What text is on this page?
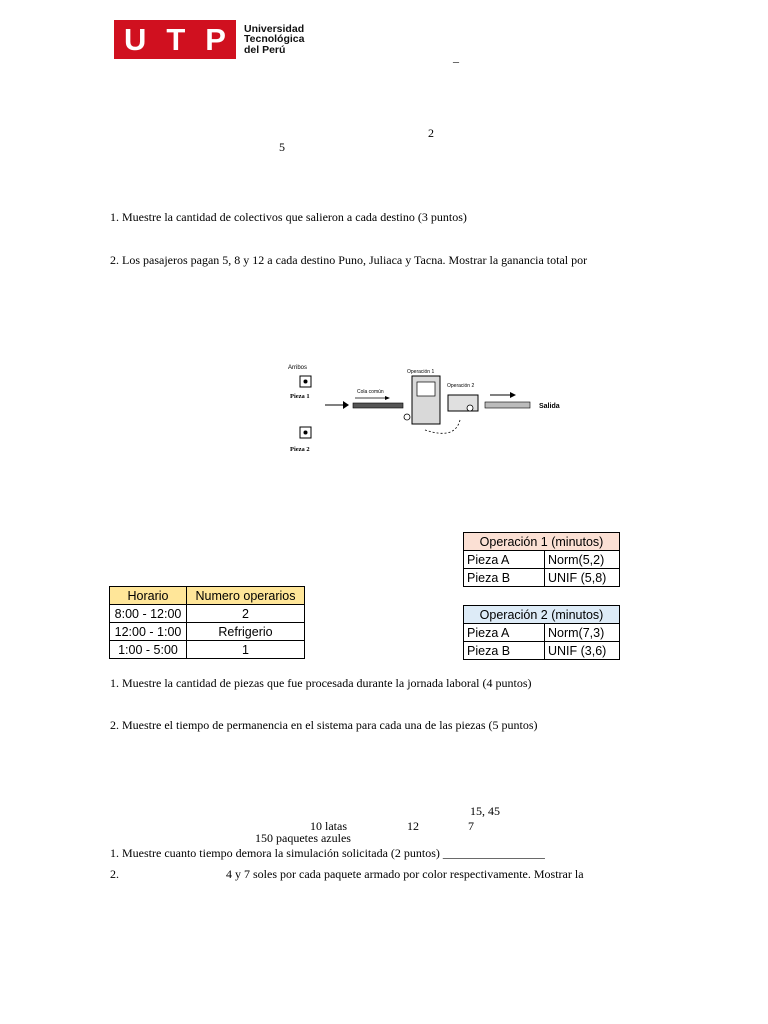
U T P Universidad
Tecnológica
del Perú
_
2
5
1. Muestre la cantidad de colectivos que salieron a cada destino (3 puntos)
2. Los pasajeros pagan 5, 8 y 12 a cada destino Puno, Juliaca y Tacna. Mostrar la ganancia total por
Arribos
Pieza 1
Pieza 2
Cola común
Operación 1
Operación 2
Salida
Operación 1 (minutos)	
Pieza A	Norm(5,2)
Pieza B	UNIF (5,8)
Operación 2 (minutos)	
Pieza A	Norm(7,3)
Pieza B	UNIF (3,6)
Horario	Numero operarios
8:00 - 12:00	2
12:00 - 1:00	Refrigerio
1:00 - 5:00	1
1. Muestre la cantidad de piezas que fue procesada durante la jornada laboral (4 puntos)
2. Muestre el tiempo de permanencia en el sistema para cada una de las piezas (5 puntos)
15, 45
10 latas	12	7
150 paquetes azules
1. Muestre cuanto tiempo demora la simulación solicitada (2 puntos) _________________
2.	4 y 7 soles por cada paquete armado por color respectivamente. Mostrar la
